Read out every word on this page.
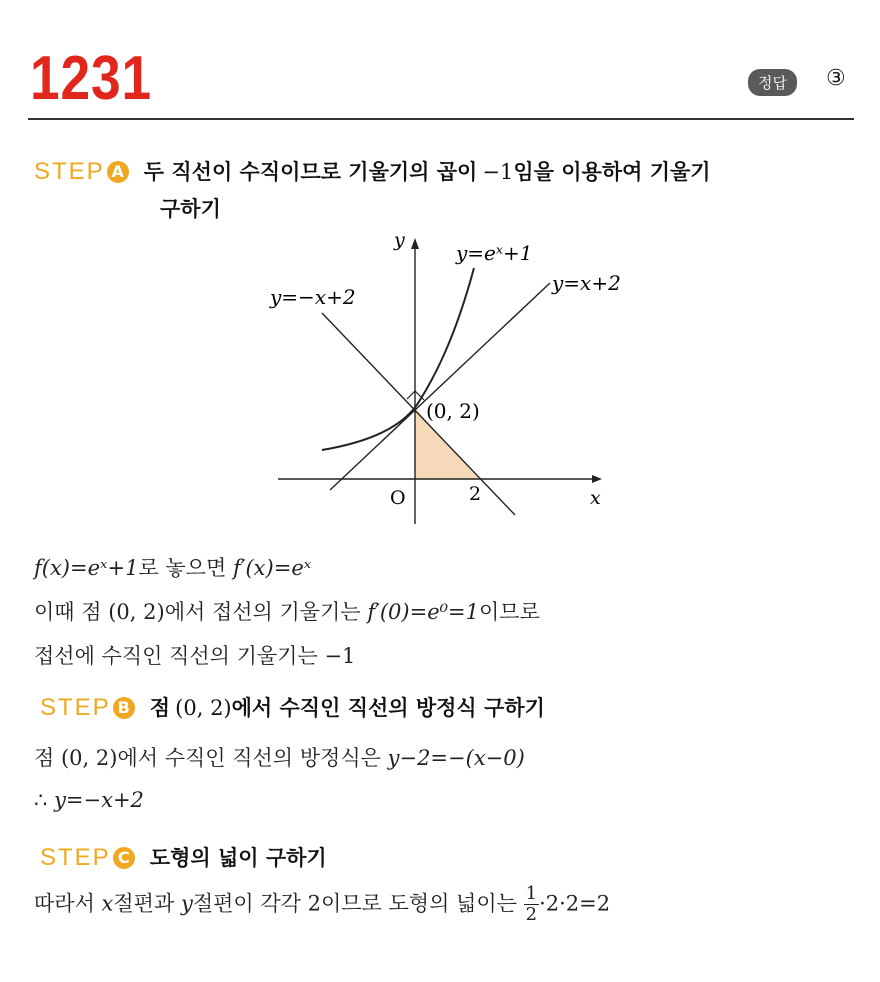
1231	정답	③
STEP A 두 직선이 수직이므로 기울기의 곱이 −1임을 이용하여 기울기
구하기
y
x
O	2
(0, 2)
y=eˣ+1
y=x+2
y=−x+2
f(x)=eˣ+1로 놓으면 f′(x)=eˣ
이때 점 (0, 2)에서 접선의 기울기는 f′(0)=e⁰=1이므로
접선에 수직인 직선의 기울기는 −1
STEP B 점 (0, 2)에서 수직인 직선의 방정식 구하기
점 (0, 2)에서 수직인 직선의 방정식은 y−2=−(x−0)
∴ y=−x+2
STEP C 도형의 넓이 구하기
따라서 x절편과 y절편이 각각 2이므로 도형의 넓이는 $\frac{1}{2} \cdot 2\cdot 2=2$
